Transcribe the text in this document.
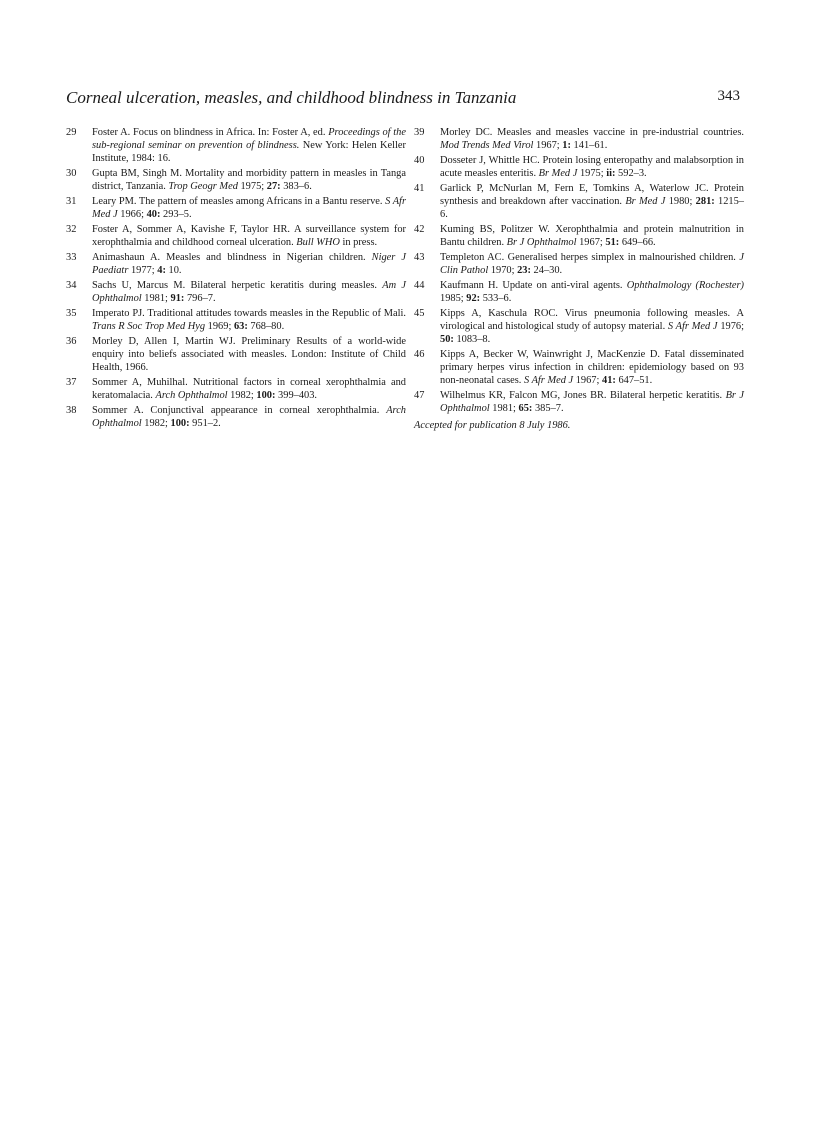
Corneal ulceration, measles, and childhood blindness in Tanzania	343
29 Foster A. Focus on blindness in Africa. In: Foster A, ed. Proceedings of the sub-regional seminar on prevention of blindness. New York: Helen Keller Institute, 1984: 16.
30 Gupta BM, Singh M. Mortality and morbidity pattern in measles in Tanga district, Tanzania. Trop Geogr Med 1975; 27: 383–6.
31 Leary PM. The pattern of measles among Africans in a Bantu reserve. S Afr Med J 1966; 40: 293–5.
32 Foster A, Sommer A, Kavishe F, Taylor HR. A surveillance system for xerophthalmia and childhood corneal ulceration. Bull WHO in press.
33 Animashaun A. Measles and blindness in Nigerian children. Niger J Paediatr 1977; 4: 10.
34 Sachs U, Marcus M. Bilateral herpetic keratitis during measles. Am J Ophthalmol 1981; 91: 796–7.
35 Imperato PJ. Traditional attitudes towards measles in the Republic of Mali. Trans R Soc Trop Med Hyg 1969; 63: 768–80.
36 Morley D, Allen I, Martin WJ. Preliminary Results of a world-wide enquiry into beliefs associated with measles. London: Institute of Child Health, 1966.
37 Sommer A, Muhilhal. Nutritional factors in corneal xerophthalmia and keratomalacia. Arch Ophthalmol 1982; 100: 399–403.
38 Sommer A. Conjunctival appearance in corneal xerophthalmia. Arch Ophthalmol 1982; 100: 951–2.
39 Morley DC. Measles and measles vaccine in pre-industrial countries. Mod Trends Med Virol 1967; 1: 141–61.
40 Dosseter J, Whittle HC. Protein losing enteropathy and malabsorption in acute measles enteritis. Br Med J 1975; ii: 592–3.
41 Garlick P, McNurlan M, Fern E, Tomkins A, Waterlow JC. Protein synthesis and breakdown after vaccination. Br Med J 1980; 281: 1215–6.
42 Kuming BS, Politzer W. Xerophthalmia and protein malnutrition in Bantu children. Br J Ophthalmol 1967; 51: 649–66.
43 Templeton AC. Generalised herpes simplex in malnourished children. J Clin Pathol 1970; 23: 24–30.
44 Kaufmann H. Update on anti-viral agents. Ophthalmology (Rochester) 1985; 92: 533–6.
45 Kipps A, Kaschula ROC. Virus pneumonia following measles. A virological and histological study of autopsy material. S Afr Med J 1976; 50: 1083–8.
46 Kipps A, Becker W, Wainwright J, MacKenzie D. Fatal disseminated primary herpes virus infection in children: epidemiology based on 93 non-neonatal cases. S Afr Med J 1967; 41: 647–51.
47 Wilhelmus KR, Falcon MG, Jones BR. Bilateral herpetic keratitis. Br J Ophthalmol 1981; 65: 385–7.
Accepted for publication 8 July 1986.
